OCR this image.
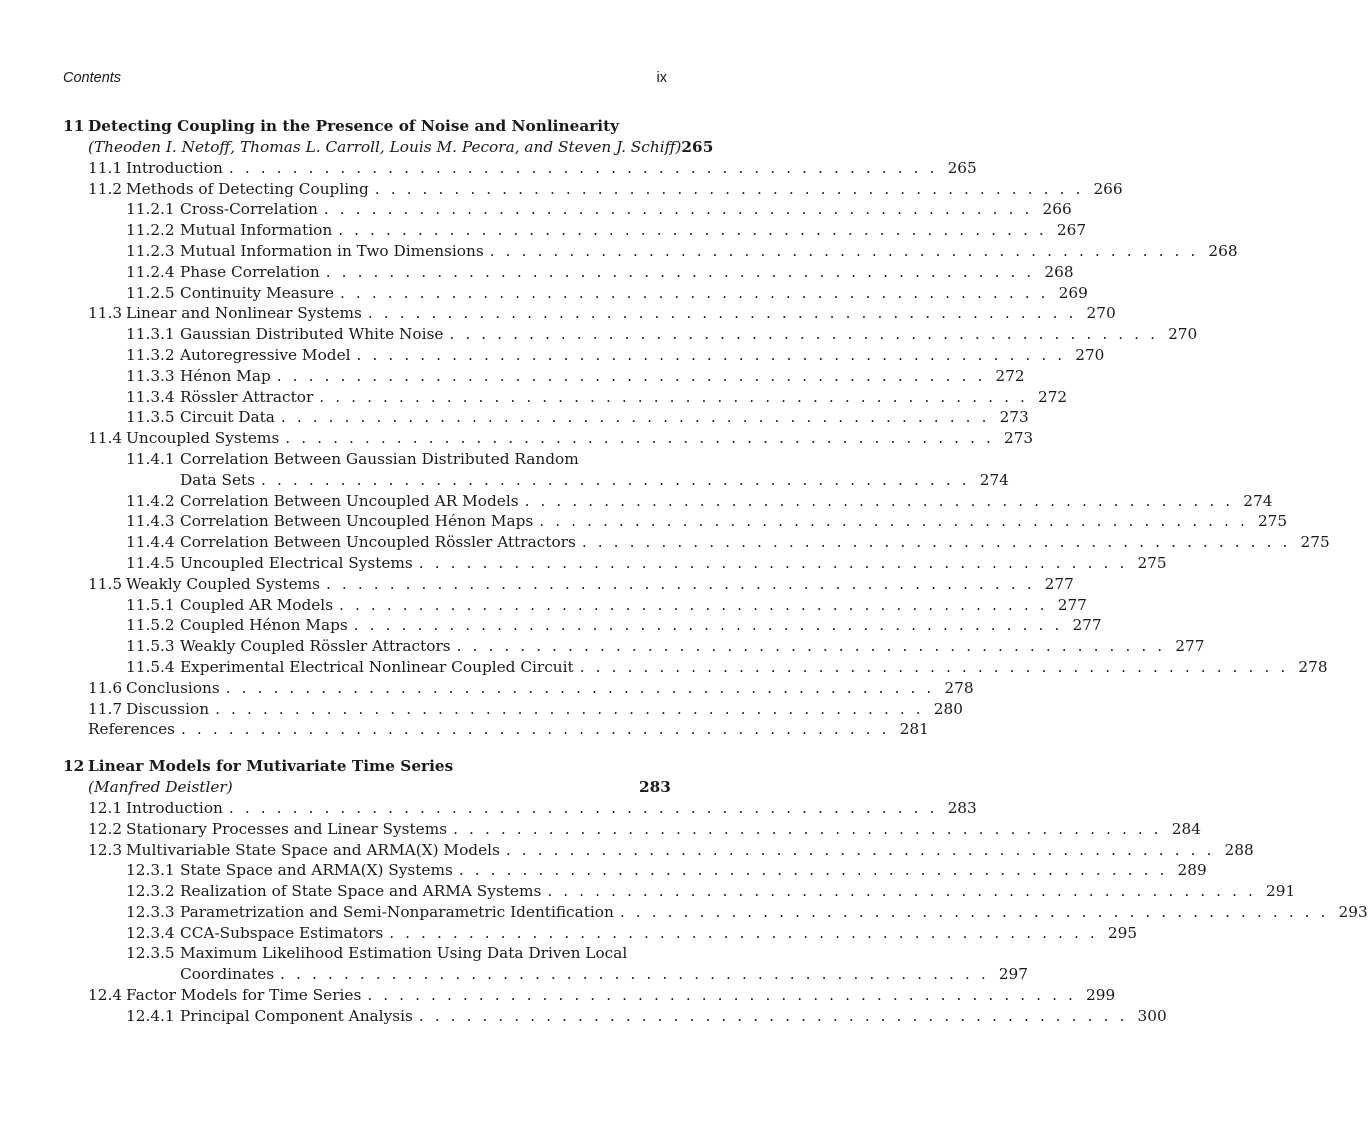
Contents	ix
11 Detecting Coupling in the Presence of Noise and Nonlinearity
(Theoden I. Netoff, Thomas L. Carroll, Louis M. Pecora, and Steven J. Schiff) 265
11.1 Introduction . . . . . . . . . . . . . . . . . . . . . . . . . . . . . . . . . . . . . . . . . . . . . 265
11.2 Methods of Detecting Coupling . . . . . . . . . . . . . . . . . . . . . . . . . . . . . . . . . . . . . . . . . . . . . 266
11.2.1 Cross-Correlation . . . . . . . . . . . . . . . . . . . . . . . . . . . . . . . . . . . . . . . . . . . . . 266
11.2.2 Mutual Information . . . . . . . . . . . . . . . . . . . . . . . . . . . . . . . . . . . . . . . . . . . . . 267
11.2.3 Mutual Information in Two Dimensions . . . . . . . . . . . . . . . . . . . . . . . . . . . . . . . . . . . . . . . . . . . . . 268
11.2.4 Phase Correlation . . . . . . . . . . . . . . . . . . . . . . . . . . . . . . . . . . . . . . . . . . . . . 268
11.2.5 Continuity Measure . . . . . . . . . . . . . . . . . . . . . . . . . . . . . . . . . . . . . . . . . . . . . 269
11.3 Linear and Nonlinear Systems . . . . . . . . . . . . . . . . . . . . . . . . . . . . . . . . . . . . . . . . . . . . . 270
11.3.1 Gaussian Distributed White Noise . . . . . . . . . . . . . . . . . . . . . . . . . . . . . . . . . . . . . . . . . . . . . 270
11.3.2 Autoregressive Model . . . . . . . . . . . . . . . . . . . . . . . . . . . . . . . . . . . . . . . . . . . . . 270
11.3.3 Hénon Map . . . . . . . . . . . . . . . . . . . . . . . . . . . . . . . . . . . . . . . . . . . . . 272
11.3.4 Rössler Attractor . . . . . . . . . . . . . . . . . . . . . . . . . . . . . . . . . . . . . . . . . . . . . 272
11.3.5 Circuit Data . . . . . . . . . . . . . . . . . . . . . . . . . . . . . . . . . . . . . . . . . . . . . 273
11.4 Uncoupled Systems . . . . . . . . . . . . . . . . . . . . . . . . . . . . . . . . . . . . . . . . . . . . . 273
11.4.1 Correlation Between Gaussian Distributed Random
Data Sets . . . . . . . . . . . . . . . . . . . . . . . . . . . . . . . . . . . . . . . . . . . . . 274
11.4.2 Correlation Between Uncoupled AR Models . . . . . . . . . . . . . . . . . . . . . . . . . . . . . . . . . . . . . . . . . . . . . 274
11.4.3 Correlation Between Uncoupled Hénon Maps . . . . . . . . . . . . . . . . . . . . . . . . . . . . . . . . . . . . . . . . . . . . . 275
11.4.4 Correlation Between Uncoupled Rössler Attractors . . . . . . . . . . . . . . . . . . . . . . . . . . . . . . . . . . . . . . . . . . . . . 275
11.4.5 Uncoupled Electrical Systems . . . . . . . . . . . . . . . . . . . . . . . . . . . . . . . . . . . . . . . . . . . . . 275
11.5 Weakly Coupled Systems . . . . . . . . . . . . . . . . . . . . . . . . . . . . . . . . . . . . . . . . . . . . . 277
11.5.1 Coupled AR Models . . . . . . . . . . . . . . . . . . . . . . . . . . . . . . . . . . . . . . . . . . . . . 277
11.5.2 Coupled Hénon Maps . . . . . . . . . . . . . . . . . . . . . . . . . . . . . . . . . . . . . . . . . . . . . 277
11.5.3 Weakly Coupled Rössler Attractors . . . . . . . . . . . . . . . . . . . . . . . . . . . . . . . . . . . . . . . . . . . . . 277
11.5.4 Experimental Electrical Nonlinear Coupled Circuit . . . . . . . . . . . . . . . . . . . . . . . . . . . . . . . . . . . . . . . . . . . . . 278
11.6 Conclusions . . . . . . . . . . . . . . . . . . . . . . . . . . . . . . . . . . . . . . . . . . . . . 278
11.7 Discussion . . . . . . . . . . . . . . . . . . . . . . . . . . . . . . . . . . . . . . . . . . . . . 280
References . . . . . . . . . . . . . . . . . . . . . . . . . . . . . . . . . . . . . . . . . . . . . 281
12 Linear Models for Mutivariate Time Series
(Manfred Deistler)	283
12.1 Introduction . . . . . . . . . . . . . . . . . . . . . . . . . . . . . . . . . . . . . . . . . . . . . 283
12.2 Stationary Processes and Linear Systems . . . . . . . . . . . . . . . . . . . . . . . . . . . . . . . . . . . . . . . . . . . . . 284
12.3 Multivariable State Space and ARMA(X) Models . . . . . . . . . . . . . . . . . . . . . . . . . . . . . . . . . . . . . . . . . . . . . 288
12.3.1 State Space and ARMA(X) Systems . . . . . . . . . . . . . . . . . . . . . . . . . . . . . . . . . . . . . . . . . . . . . 289
12.3.2 Realization of State Space and ARMA Systems . . . . . . . . . . . . . . . . . . . . . . . . . . . . . . . . . . . . . . . . . . . . . 291
12.3.3 Parametrization and Semi-Nonparametric Identification . . . . . . . . . . . . . . . . . . . . . . . . . . . . . . . . . . . . . . . . . . . . . 293
12.3.4 CCA-Subspace Estimators . . . . . . . . . . . . . . . . . . . . . . . . . . . . . . . . . . . . . . . . . . . . . 295
12.3.5 Maximum Likelihood Estimation Using Data Driven Local
Coordinates . . . . . . . . . . . . . . . . . . . . . . . . . . . . . . . . . . . . . . . . . . . . . 297
12.4 Factor Models for Time Series . . . . . . . . . . . . . . . . . . . . . . . . . . . . . . . . . . . . . . . . . . . . . 299
12.4.1 Principal Component Analysis . . . . . . . . . . . . . . . . . . . . . . . . . . . . . . . . . . . . . . . . . . . . . 300
